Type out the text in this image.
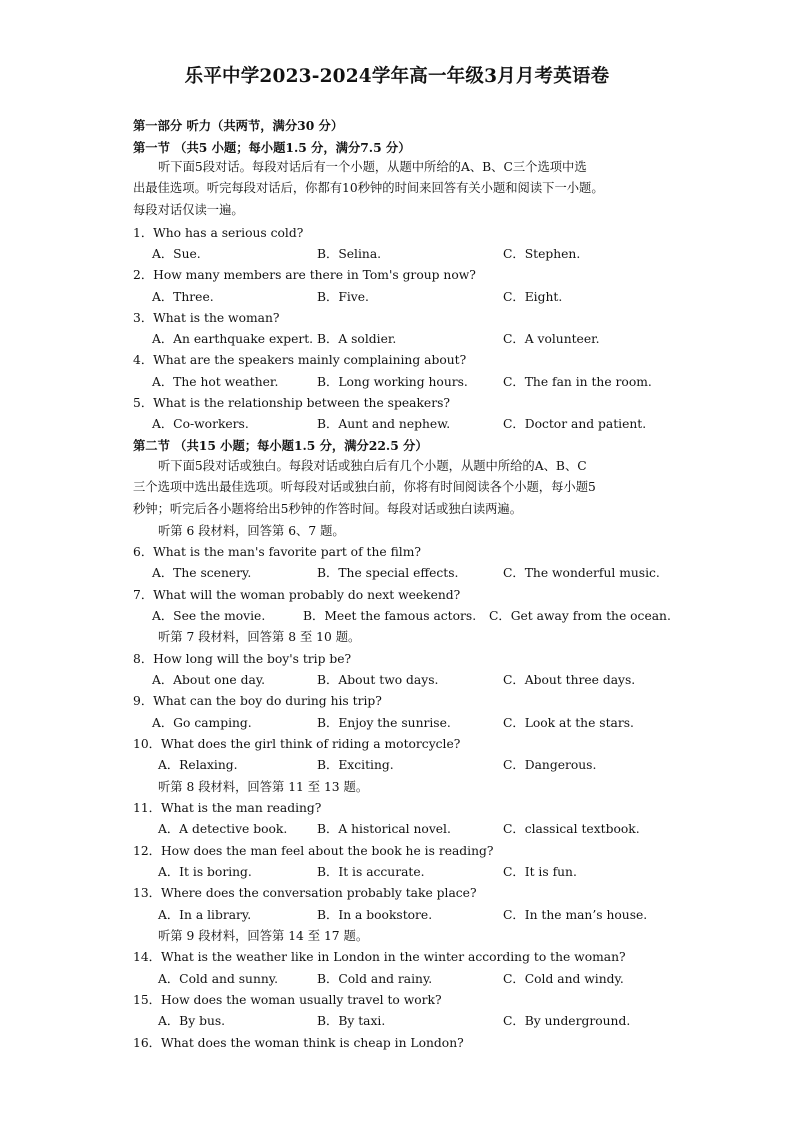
乐平中学2023-2024学年高一年级3月月考英语卷
第一部分 听力（共两节，满分30 分）
第一节 （共5 小题；每小题1.5 分，满分7.5 分）
听下面5段对话。每段对话后有一个小题，从题中所给的A、B、C三个选项中选
出最佳选项。听完每段对话后，你都有10秒钟的时间来回答有关小题和阅读下一小题。
每段对话仅读一遍。
1．Who has a serious cold?
A．Sue.	B．Selina.	C．Stephen.
2．How many members are there in Tom's group now?
A．Three.	B．Five.	C．Eight.
3．What is the woman?
A．An earthquake expert. B．A soldier.	C．A volunteer.
4．What are the speakers mainly complaining about?
A．The hot weather.	B．Long working hours.	C．The fan in the room.
5．What is the relationship between the speakers?
A．Co-workers.	B．Aunt and nephew.	C．Doctor and patient.
第二节 （共15 小题；每小题1.5 分，满分22.5 分）
听下面5段对话或独白。每段对话或独白后有几个小题，从题中所给的A、B、C
三个选项中选出最佳选项。听每段对话或独白前，你将有时间阅读各个小题，每小题5
秒钟；听完后各小题将给出5秒钟的作答时间。每段对话或独白读两遍。
听第 6 段材料，回答第 6、7 题。
6．What is the man's favorite part of the film?
A．The scenery.	B．The special effects.	C．The wonderful music.
7．What will the woman probably do next weekend?
A．See the movie.	B．Meet the famous actors. C．Get away from the ocean.
听第 7 段材料，回答第 8 至 10 题。
8．How long will the boy's trip be?
A．About one day.	B．About two days.	C．About three days.
9．What can the boy do during his trip?
A．Go camping.	B．Enjoy the sunrise.	C．Look at the stars.
10．What does the girl think of riding a motorcycle?
A．Relaxing.	B．Exciting.	C．Dangerous.
听第 8 段材料，回答第 11 至 13 题。
11．What is the man reading?
A．A detective book. B．A historical novel.	C．classical textbook.
12．How does the man feel about the book he is reading?
A．It is boring.	B．It is accurate.	C．It is fun.
13．Where does the conversation probably take place?
A．In a library.	B．In a bookstore.	C．In the man’s house.
听第 9 段材料，回答第 14 至 17 题。
14．What is the weather like in London in the winter according to the woman?
A．Cold and sunny.	B．Cold and rainy.	C．Cold and windy.
15．How does the woman usually travel to work?
A．By bus.	B．By taxi.	C．By underground.
16．What does the woman think is cheap in London?
